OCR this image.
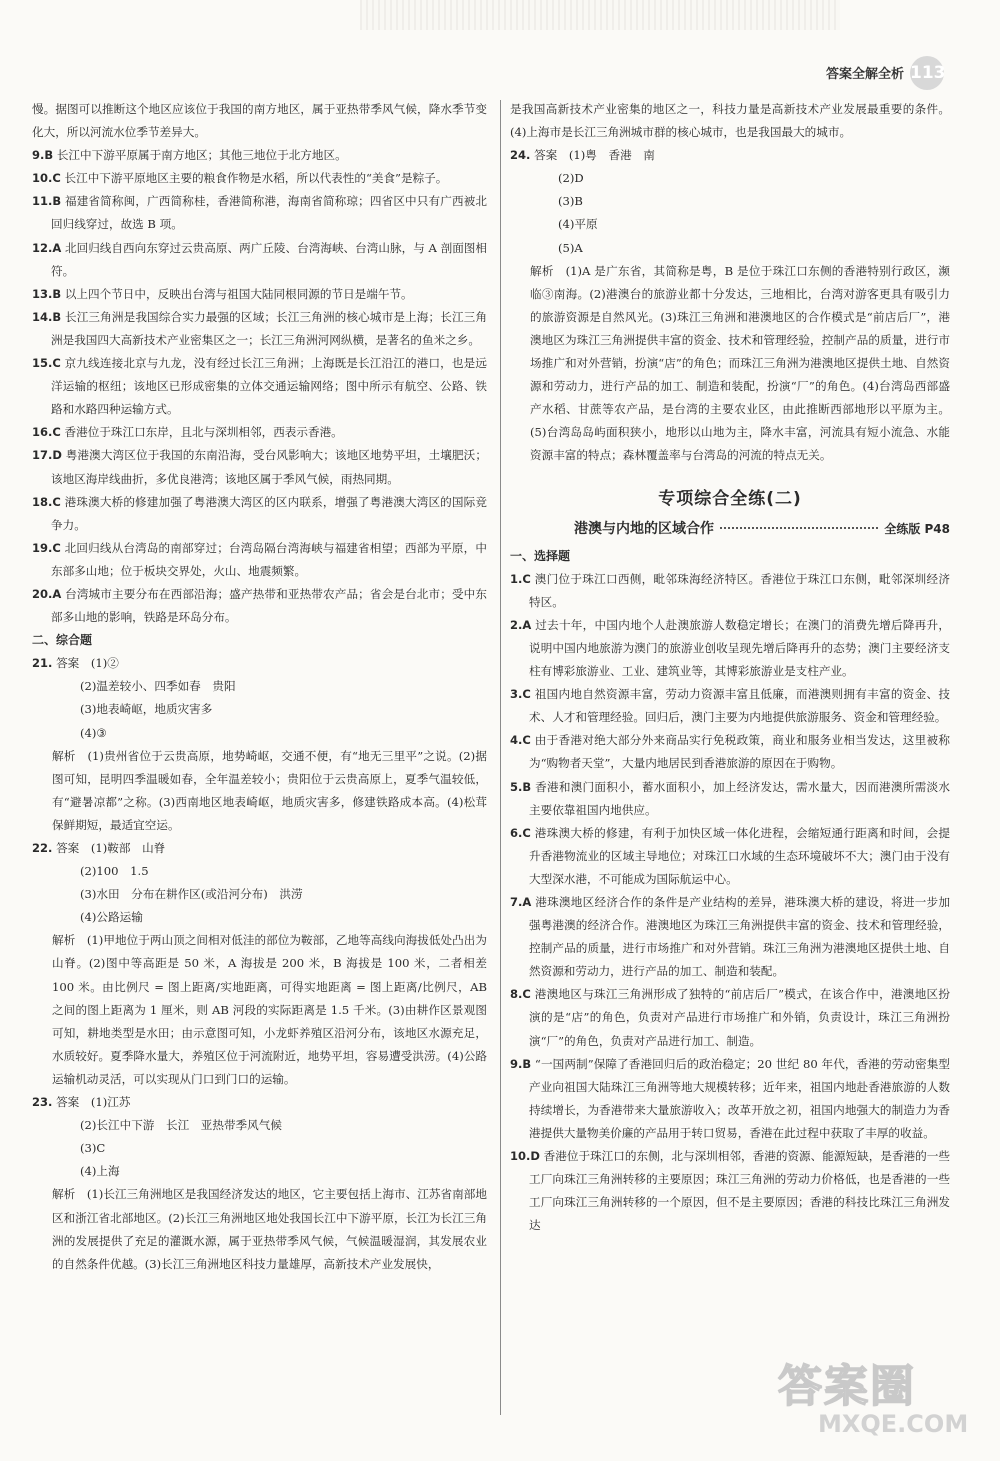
答案全解全析 113

慢。据图可以推断这个地区应该位于我国的南方地区，属于亚热带季风气候，降水季节变化大，所以河流水位季节差异大。

9.B 长江中下游平原属于南方地区；其他三地位于北方地区。

10.C 长江中下游平原地区主要的粮食作物是水稻，所以代表性的“美食”是粽子。

11.B 福建省简称闽，广西简称桂，香港简称港，海南省简称琼；四省区中只有广西被北回归线穿过，故选 B 项。

12.A 北回归线自西向东穿过云贵高原、两广丘陵、台湾海峡、台湾山脉，与 A 剖面图相符。

13.B 以上四个节日中，反映出台湾与祖国大陆同根同源的节日是端午节。

14.B 长江三角洲是我国综合实力最强的区域；长江三角洲的核心城市是上海；长江三角洲是我国四大高新技术产业密集区之一；长江三角洲河网纵横，是著名的鱼米之乡。

15.C 京九线连接北京与九龙，没有经过长江三角洲；上海既是长江沿江的港口，也是远洋运输的枢纽；该地区已形成密集的立体交通运输网络；图中所示有航空、公路、铁路和水路四种运输方式。

16.C 香港位于珠江口东岸，且北与深圳相邻，西表示香港。

17.D 粤港澳大湾区位于我国的东南沿海，受台风影响大；该地区地势平坦，土壤肥沃；该地区海岸线曲折，多优良港湾；该地区属于季风气候，雨热同期。

18.C 港珠澳大桥的修建加强了粤港澳大湾区的区内联系，增强了粤港澳大湾区的国际竞争力。

19.C 北回归线从台湾岛的南部穿过；台湾岛隔台湾海峡与福建省相望；西部为平原，中东部多山地；位于板块交界处，火山、地震频繁。

20.A 台湾城市主要分布在西部沿海；盛产热带和亚热带农产品；省会是台北市；受中东部多山地的影响，铁路是环岛分布。

二、综合题

21. 答案　 (1)②

(2)温差较小、四季如春　贵阳

(3)地表崎岖，地质灾害多

(4)③

解析　 (1)贵州省位于云贵高原，地势崎岖，交通不便，有“地无三里平”之说。(2)据图可知，昆明四季温暖如春，全年温差较小；贵阳位于云贵高原上，夏季气温较低，有“避暑凉都”之称。(3)西南地区地表崎岖，地质灾害多，修建铁路成本高。(4)松茸保鲜期短，最适宜空运。

22. 答案　 (1)鞍部　山脊

(2)100　1.5

(3)水田　分布在耕作区(或沿河分布)　洪涝

(4)公路运输

解析　 (1)甲地位于两山顶之间相对低洼的部位为鞍部，乙地等高线向海拔低处凸出为山脊。(2)图中等高距是 50 米，A 海拔是 200 米，B 海拔是 100 米，二者相差 100 米。由比例尺 = 图上距离/实地距离，可得实地距离 = 图上距离/比例尺，AB 之间的图上距离为 1 厘米，则 AB 河段的实际距离是 1.5 千米。(3)由耕作区景观图可知，耕地类型是水田；由示意图可知，小龙虾养殖区沿河分布，该地区水源充足，水质较好。夏季降水量大，养殖区位于河流附近，地势平坦，容易遭受洪涝。(4)公路运输机动灵活，可以实现从门口到门口的运输。

23. 答案　 (1)江苏

(2)长江中下游　长江　亚热带季风气候

(3)C

(4)上海

解析　 (1)长江三角洲地区是我国经济发达的地区，它主要包括上海市、江苏省南部地区和浙江省北部地区。(2)长江三角洲地区地处我国长江中下游平原，长江为长江三角洲的发展提供了充足的灌溉水源，属于亚热带季风气候，气候温暖湿润，其发展农业的自然条件优越。(3)长江三角洲地区科技力量雄厚，高新技术产业发展快，

是我国高新技术产业密集的地区之一，科技力量是高新技术产业发展最重要的条件。(4)上海市是长江三角洲城市群的核心城市，也是我国最大的城市。

24. 答案　 (1)粤　香港　南

(2)D

(3)B

(4)平原

(5)A

解析　 (1)A 是广东省，其简称是粤，B 是位于珠江口东侧的香港特别行政区，濒临③南海。(2)港澳台的旅游业都十分发达，三地相比，台湾对游客更具有吸引力的旅游资源是自然风光。(3)珠江三角洲和港澳地区的合作模式是“前店后厂”，港澳地区为珠江三角洲提供丰富的资金、技术和管理经验，控制产品的质量，进行市场推广和对外营销，扮演“店”的角色；而珠江三角洲为港澳地区提供土地、自然资源和劳动力，进行产品的加工、制造和装配，扮演“厂”的角色。(4)台湾岛西部盛产水稻、甘蔗等农产品，是台湾的主要农业区，由此推断西部地形以平原为主。(5)台湾岛岛屿面积狭小，地形以山地为主，降水丰富，河流具有短小流急、水能资源丰富的特点；森林覆盖率与台湾岛的河流的特点无关。

专项综合全练(二)
港澳与内地的区域合作	全练版 P48

一、选择题

1.C 澳门位于珠江口西侧，毗邻珠海经济特区。香港位于珠江口东侧，毗邻深圳经济特区。

2.A 过去十年，中国内地个人赴澳旅游人数稳定增长；在澳门的消费先增后降再升，说明中国内地旅游为澳门的旅游业创收呈现先增后降再升的态势；澳门主要经济支柱有博彩旅游业、工业、建筑业等，其博彩旅游业是支柱产业。

3.C 祖国内地自然资源丰富，劳动力资源丰富且低廉，而港澳则拥有丰富的资金、技术、人才和管理经验。回归后，澳门主要为内地提供旅游服务、资金和管理经验。

4.C 由于香港对绝大部分外来商品实行免税政策，商业和服务业相当发达，这里被称为“购物者天堂”，大量内地居民到香港旅游的原因在于购物。

5.B 香港和澳门面积小，蓄水面积小，加上经济发达，需水量大，因而港澳所需淡水主要依靠祖国内地供应。

6.C 港珠澳大桥的修建，有利于加快区域一体化进程，会缩短通行距离和时间，会提升香港物流业的区域主导地位；对珠江口水域的生态环境破坏不大；澳门由于没有大型深水港，不可能成为国际航运中心。

7.A 港珠澳地区经济合作的条件是产业结构的差异，港珠澳大桥的建设，将进一步加强粤港澳的经济合作。港澳地区为珠江三角洲提供丰富的资金、技术和管理经验，控制产品的质量，进行市场推广和对外营销。珠江三角洲为港澳地区提供土地、自然资源和劳动力，进行产品的加工、制造和装配。

8.C 港澳地区与珠江三角洲形成了独特的“前店后厂”模式，在该合作中，港澳地区扮演的是“店”的角色，负责对产品进行市场推广和外销，负责设计，珠江三角洲扮演“厂”的角色，负责对产品进行加工、制造。

9.B “一国两制”保障了香港回归后的政治稳定；20 世纪 80 年代，香港的劳动密集型产业向祖国大陆珠江三角洲等地大规模转移；近年来，祖国内地赴香港旅游的人数持续增长，为香港带来大量旅游收入；改革开放之初，祖国内地强大的制造力为香港提供大量物美价廉的产品用于转口贸易，香港在此过程中获取了丰厚的收益。

10.D 香港位于珠江口的东侧，北与深圳相邻，香港的资源、能源短缺，是香港的一些工厂向珠江三角洲转移的主要原因；珠江三角洲的劳动力价格低，也是香港的一些工厂向珠江三角洲转移的一个原因，但不是主要原因；香港的科技比珠江三角洲发达

答案圈
MXQE.COM
